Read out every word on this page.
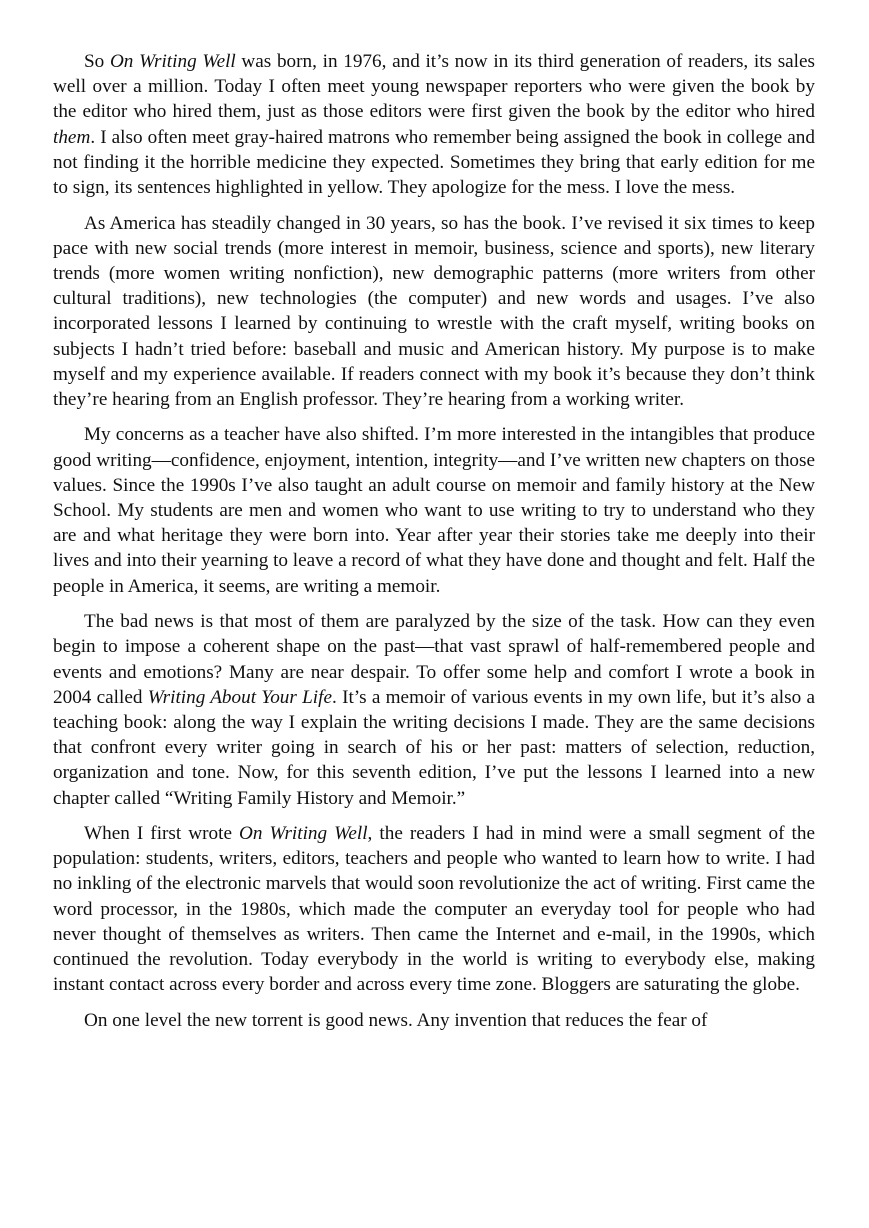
So On Writing Well was born, in 1976, and it’s now in its third generation of readers, its sales well over a million. Today I often meet young newspaper reporters who were given the book by the editor who hired them, just as those editors were first given the book by the editor who hired them. I also often meet gray-haired matrons who remember being assigned the book in college and not finding it the horrible medicine they expected. Sometimes they bring that early edition for me to sign, its sentences highlighted in yellow. They apologize for the mess. I love the mess.

As America has steadily changed in 30 years, so has the book. I’ve revised it six times to keep pace with new social trends (more interest in memoir, business, science and sports), new literary trends (more women writing nonfiction), new demographic patterns (more writers from other cultural traditions), new technologies (the computer) and new words and usages. I’ve also incorporated lessons I learned by continuing to wrestle with the craft myself, writing books on subjects I hadn’t tried before: baseball and music and American history. My purpose is to make myself and my experience available. If readers connect with my book it’s because they don’t think they’re hearing from an English professor. They’re hearing from a working writer.

My concerns as a teacher have also shifted. I’m more interested in the intangibles that produce good writing—confidence, enjoyment, intention, integrity—and I’ve written new chapters on those values. Since the 1990s I’ve also taught an adult course on memoir and family history at the New School. My students are men and women who want to use writing to try to understand who they are and what heritage they were born into. Year after year their stories take me deeply into their lives and into their yearning to leave a record of what they have done and thought and felt. Half the people in America, it seems, are writing a memoir.

The bad news is that most of them are paralyzed by the size of the task. How can they even begin to impose a coherent shape on the past—that vast sprawl of half-remembered people and events and emotions? Many are near despair. To offer some help and comfort I wrote a book in 2004 called Writing About Your Life. It’s a memoir of various events in my own life, but it’s also a teaching book: along the way I explain the writing decisions I made. They are the same decisions that confront every writer going in search of his or her past: matters of selection, reduction, organization and tone. Now, for this seventh edition, I’ve put the lessons I learned into a new chapter called “Writing Family History and Memoir.”

When I first wrote On Writing Well, the readers I had in mind were a small segment of the population: students, writers, editors, teachers and people who wanted to learn how to write. I had no inkling of the electronic marvels that would soon revolutionize the act of writing. First came the word processor, in the 1980s, which made the computer an everyday tool for people who had never thought of themselves as writers. Then came the Internet and e-mail, in the 1990s, which continued the revolution. Today everybody in the world is writing to everybody else, making instant contact across every border and across every time zone. Bloggers are saturating the globe.

On one level the new torrent is good news. Any invention that reduces the fear of
